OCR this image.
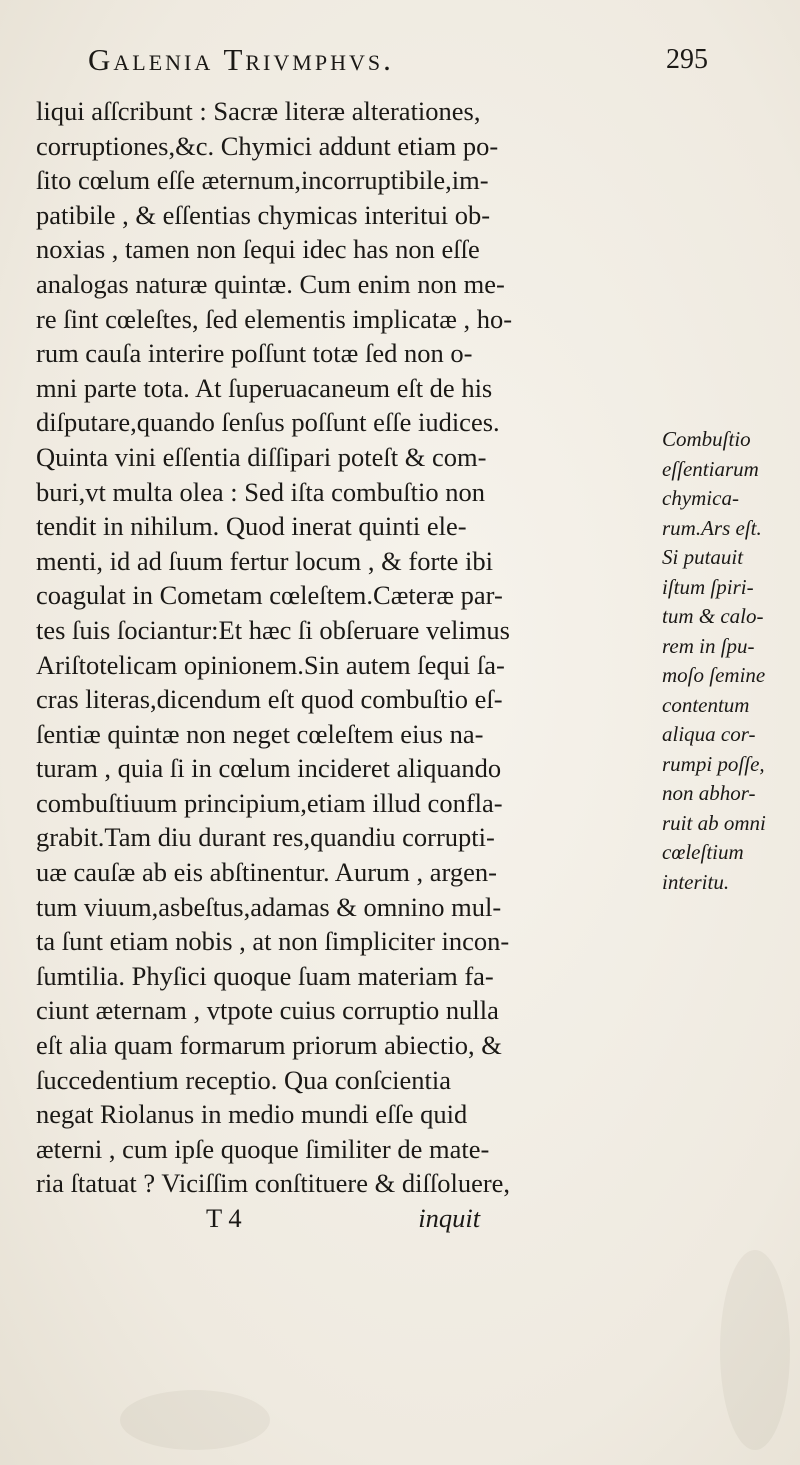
Galenia Trivmphvs.	295
liqui aſſcribunt : Sacræ literæ alterationes,
corruptiones,&c. Chymici addunt etiam po-
ſito cœlum eſſe æternum,incorruptibile,im-
patibile , & eſſentias chymicas interitui ob-
noxias , tamen non ſequi idec has non eſſe
analogas naturæ quintæ. Cum enim non me-
re ſint cœleſtes, ſed elementis implicatæ , ho-
rum cauſa interire poſſunt totæ ſed non o-
mni parte tota. At ſuperuacaneum eſt de his
diſputare,quando ſenſus poſſunt eſſe iudices.
Quinta vini eſſentia diſſipari poteſt & com-
buri,vt multa olea : Sed iſta combuſtio non
tendit in nihilum. Quod inerat quinti ele-
menti, id ad ſuum fertur locum , & forte ibi
coagulat in Cometam cœleſtem.Cæteræ par-
tes ſuis ſociantur:Et hæc ſi obſeruare velimus
Ariſtotelicam opinionem.Sin autem ſequi ſa-
cras literas,dicendum eſt quod combuſtio eſ-
ſentiæ quintæ non neget cœleſtem eius na-
turam , quia ſi in cœlum incideret aliquando
combuſtiuum principium,etiam illud confla-
grabit.Tam diu durant res,quandiu corrupti-
uæ cauſæ ab eis abſtinentur. Aurum , argen-
tum viuum,asbeſtus,adamas & omnino mul-
ta ſunt etiam nobis , at non ſimpliciter incon-
ſumtilia. Phyſici quoque ſuam materiam fa-
ciunt æternam , vtpote cuius corruptio nulla
eſt alia quam formarum priorum abiectio, &
ſuccedentium receptio. Qua conſcientia
negat Riolanus in medio mundi eſſe quid
æterni , cum ipſe quoque ſimiliter de mate-
ria ſtatuat ? Viciſſim conſtituere & diſſoluere,
T 4	inquit
Combuſtio
eſſentiarum
chymica-
rum.Ars eſt.
Si putauit
iſtum ſpiri-
tum & calo-
rem in ſpu-
moſo ſemine
contentum
aliqua cor-
rumpi poſſe,
non abhor-
ruit ab omni
cœleſtium
interitu.
